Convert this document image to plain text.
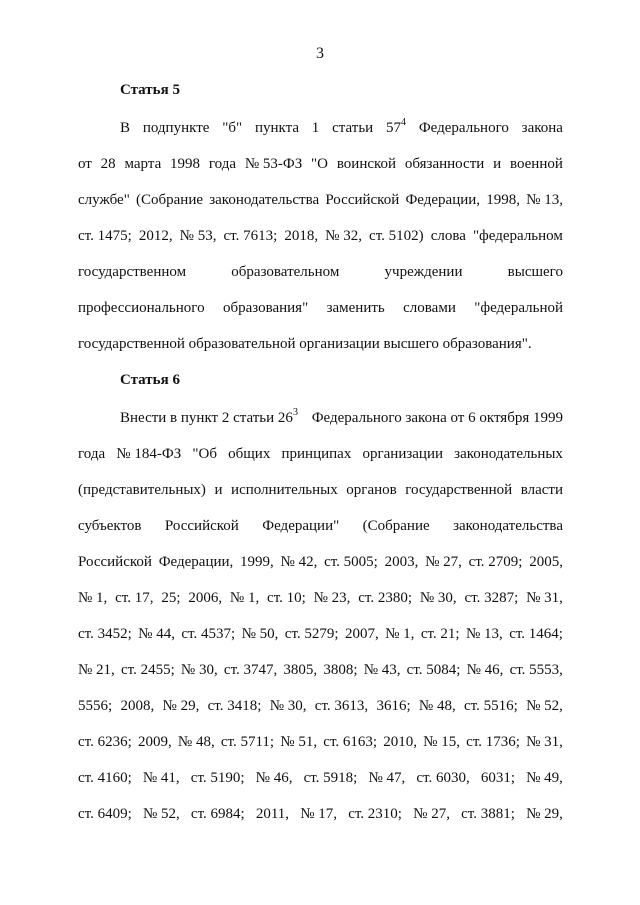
3

Статья 5

В подпункте "б" пункта 1 статьи $57^4$ Федерального закона
от 28 марта 1998 года № 53-ФЗ "О воинской обязанности и военной
службе" (Собрание законодательства Российской Федерации, 1998, № 13,
ст. 1475; 2012, № 53, ст. 7613; 2018, № 32, ст. 5102) слова "федеральном
государственном	образовательном	учреждении	высшего
профессионального образования" заменить словами "федеральной
государственной образовательной организации высшего образования".

Статья 6

Внести в пункт 2 статьи $26^3$ Федерального закона от 6 октября 1999
года № 184-ФЗ "Об общих принципах организации законодательных
(представительных) и исполнительных органов государственной власти
субъектов Российской Федерации" (Собрание законодательства
Российской Федерации, 1999, № 42, ст. 5005; 2003, № 27, ст. 2709; 2005,
№ 1, ст. 17, 25; 2006, № 1, ст. 10; № 23, ст. 2380; № 30, ст. 3287; № 31,
ст. 3452; № 44, ст. 4537; № 50, ст. 5279; 2007, № 1, ст. 21; № 13, ст. 1464;
№ 21, ст. 2455; № 30, ст. 3747, 3805, 3808; № 43, ст. 5084; № 46, ст. 5553,
5556; 2008, № 29, ст. 3418; № 30, ст. 3613, 3616; № 48, ст. 5516; № 52,
ст. 6236; 2009, № 48, ст. 5711; № 51, ст. 6163; 2010, № 15, ст. 1736; № 31,
ст. 4160; № 41, ст. 5190; № 46, ст. 5918; № 47, ст. 6030, 6031; № 49,
ст. 6409; № 52, ст. 6984; 2011, № 17, ст. 2310; № 27, ст. 3881; № 29,
